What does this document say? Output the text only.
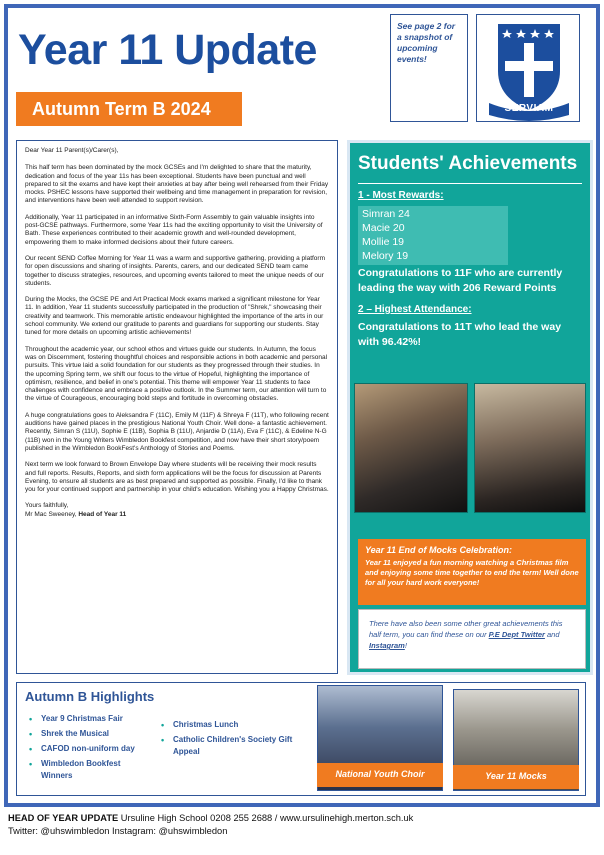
Year 11 Update
Autumn Term B 2024
See page 2 for a snapshot of upcoming events!
SERVIAM

Dear Year 11 Parent(s)/Carer(s),

This half term has been dominated by the mock GCSEs and I'm delighted to share that the maturity, dedication and focus of the year 11s has been exceptional. Students have been punctual and well prepared to sit the exams and have kept their anxieties at bay after being well rehearsed from their Friday mocks. PSHEC lessons have supported their wellbeing and time management in preparation for revision, and interventions have been well attended to support revision.

Additionally, Year 11 participated in an informative Sixth-Form Assembly to gain valuable insights into post-GCSE pathways. Furthermore, some Year 11s had the exciting opportunity to visit the University of Bath. These experiences contributed to their academic growth and well-rounded development, empowering them to make informed decisions about their future careers.

Our recent SEND Coffee Morning for Year 11 was a warm and supportive gathering, providing a platform for open discussions and sharing of insights. Parents, carers, and our dedicated SEND team came together to discuss strategies, resources, and upcoming events tailored to meet the unique needs of our students.

During the Mocks, the GCSE PE and Art Practical Mock exams marked a significant milestone for Year 11. In addition, Year 11 students successfully participated in the production of "Shrek," showcasing their creativity and teamwork. This memorable artistic endeavour highlighted the importance of the arts in our school community. We extend our gratitude to parents and guardians for supporting our students. Stay tuned for more details on upcoming artistic achievements!

Throughout the academic year, our school ethos and virtues guide our students. In Autumn, the focus was on Discernment, fostering thoughtful choices and responsible actions in both academic and personal pursuits. This virtue laid a solid foundation for our students as they progressed through their studies. In the upcoming Spring term, we shift our focus to the virtue of Hopeful, highlighting the importance of optimism, resilience, and belief in one's potential. This theme will empower Year 11 students to face challenges with confidence and embrace a positive outlook. In the Summer term, our attention will turn to the virtue of Courageous, encouraging bold steps and fortitude in overcoming obstacles.

A huge congratulations goes to Aleksandra F (11C), Emily M (11F) & Shreya F (11T), who following recent auditions have gained places in the prestigious National Youth Choir. Well done- a fantastic achievement. Recently, Simran S (11U), Sophie E (11B), Sophia B (11U), Anjardie D (11A), Eva F (11C), & Edeline N-G (11B) won in the Young Writers Wimbledon Bookfest competition, and now have their short story/poem published in the Wimbledon BookFest's Anthology of Stories and Poems.

Next term we look forward to Brown Envelope Day where students will be receiving their mock results and full reports. Results, Reports, and sixth form applications will be the focus for discussion at Parents Evening, to ensure all students are as best prepared and supported as possible. Finally, I'd like to thank you for your continued support and partnership in your child's education. Wishing you a Happy Christmas.

Yours faithfully,
Mr Mac Sweeney, Head of Year 11
Students' Achievements
1 - Most Rewards:
Simran 24
Macie 20
Mollie 19
Melory 19
Congratulations to 11F who are currently leading the way with 206 Reward Points
2 – Highest Attendance:
Congratulations to 11T who lead the way with 96.42%!
Year 11 End of Mocks Celebration:
Year 11 enjoyed a fun morning watching a Christmas film and enjoying some time together to end the term! Well done for all your hard work everyone!
There have also been some other great achievements this half term, you can find these on our P.E Dept Twitter and Instagram!
Autumn B Highlights
• Year 9 Christmas Fair
• Shrek the Musical
• CAFOD non-uniform day
• Wimbledon Bookfest Winners
• Christmas Lunch
• Catholic Children's Society Gift Appeal
National Youth Choir	Year 11 Mocks
HEAD OF YEAR UPDATE Ursuline High School 0208 255 2688 / www.ursulinehigh.merton.sch.uk
Twitter: @uhswimbledon Instagram: @uhswimbledon
